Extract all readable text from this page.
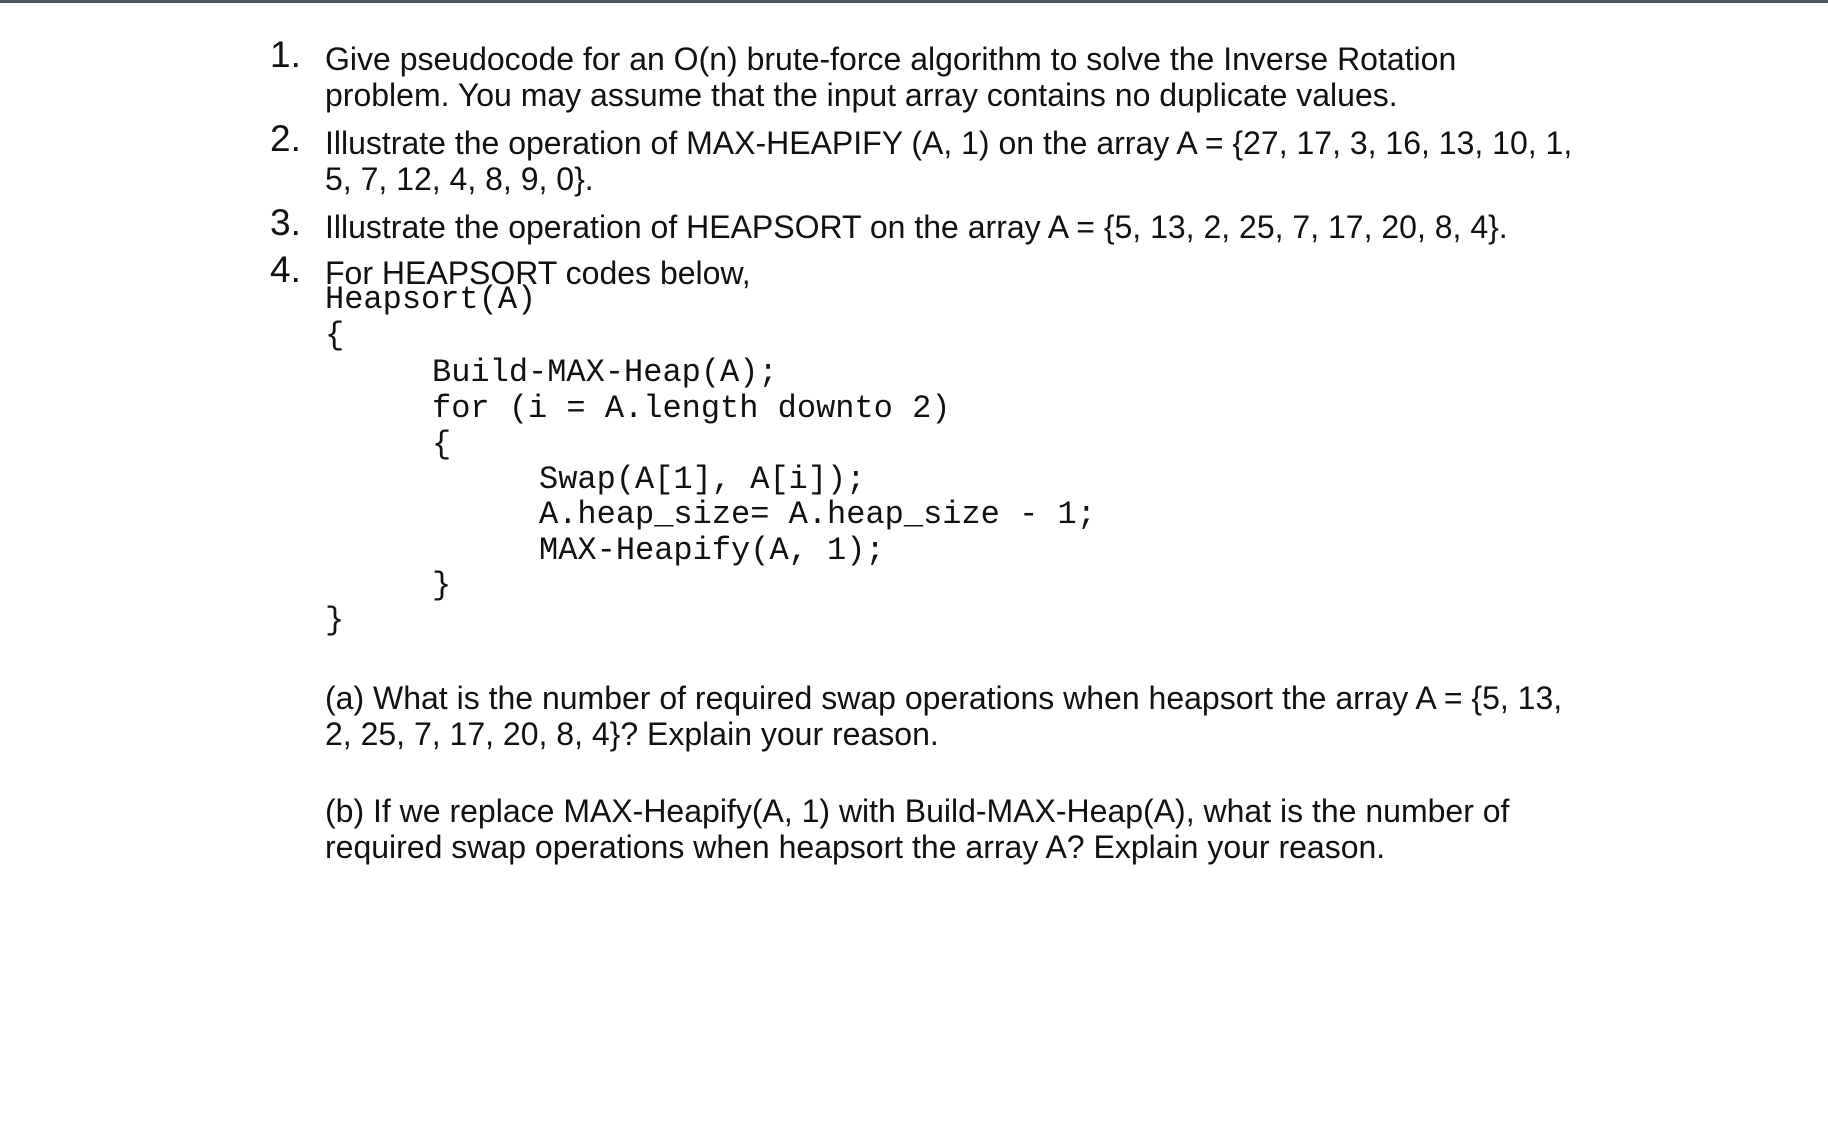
1. Give pseudocode for an O(n) brute-force algorithm to solve the Inverse Rotation
problem. You may assume that the input array contains no duplicate values.
2. Illustrate the operation of MAX-HEAPIFY (A, 1) on the array A = {27, 17, 3, 16, 13, 10, 1,
5, 7, 12, 4, 8, 9, 0}.
3. Illustrate the operation of HEAPSORT on the array A = {5, 13, 2, 25, 7, 17, 20, 8, 4}.
4. For HEAPSORT codes below,
Heapsort(A)
{
Build-MAX-Heap(A);
for (i = A.length downto 2)
{
Swap(A[1], A[i]);
A.heap_size= A.heap_size - 1;
MAX-Heapify(A, 1);
}
}
(a) What is the number of required swap operations when heapsort the array A = {5, 13,
2, 25, 7, 17, 20, 8, 4}? Explain your reason.
(b) If we replace MAX-Heapify(A, 1) with Build-MAX-Heap(A), what is the number of
required swap operations when heapsort the array A? Explain your reason.
